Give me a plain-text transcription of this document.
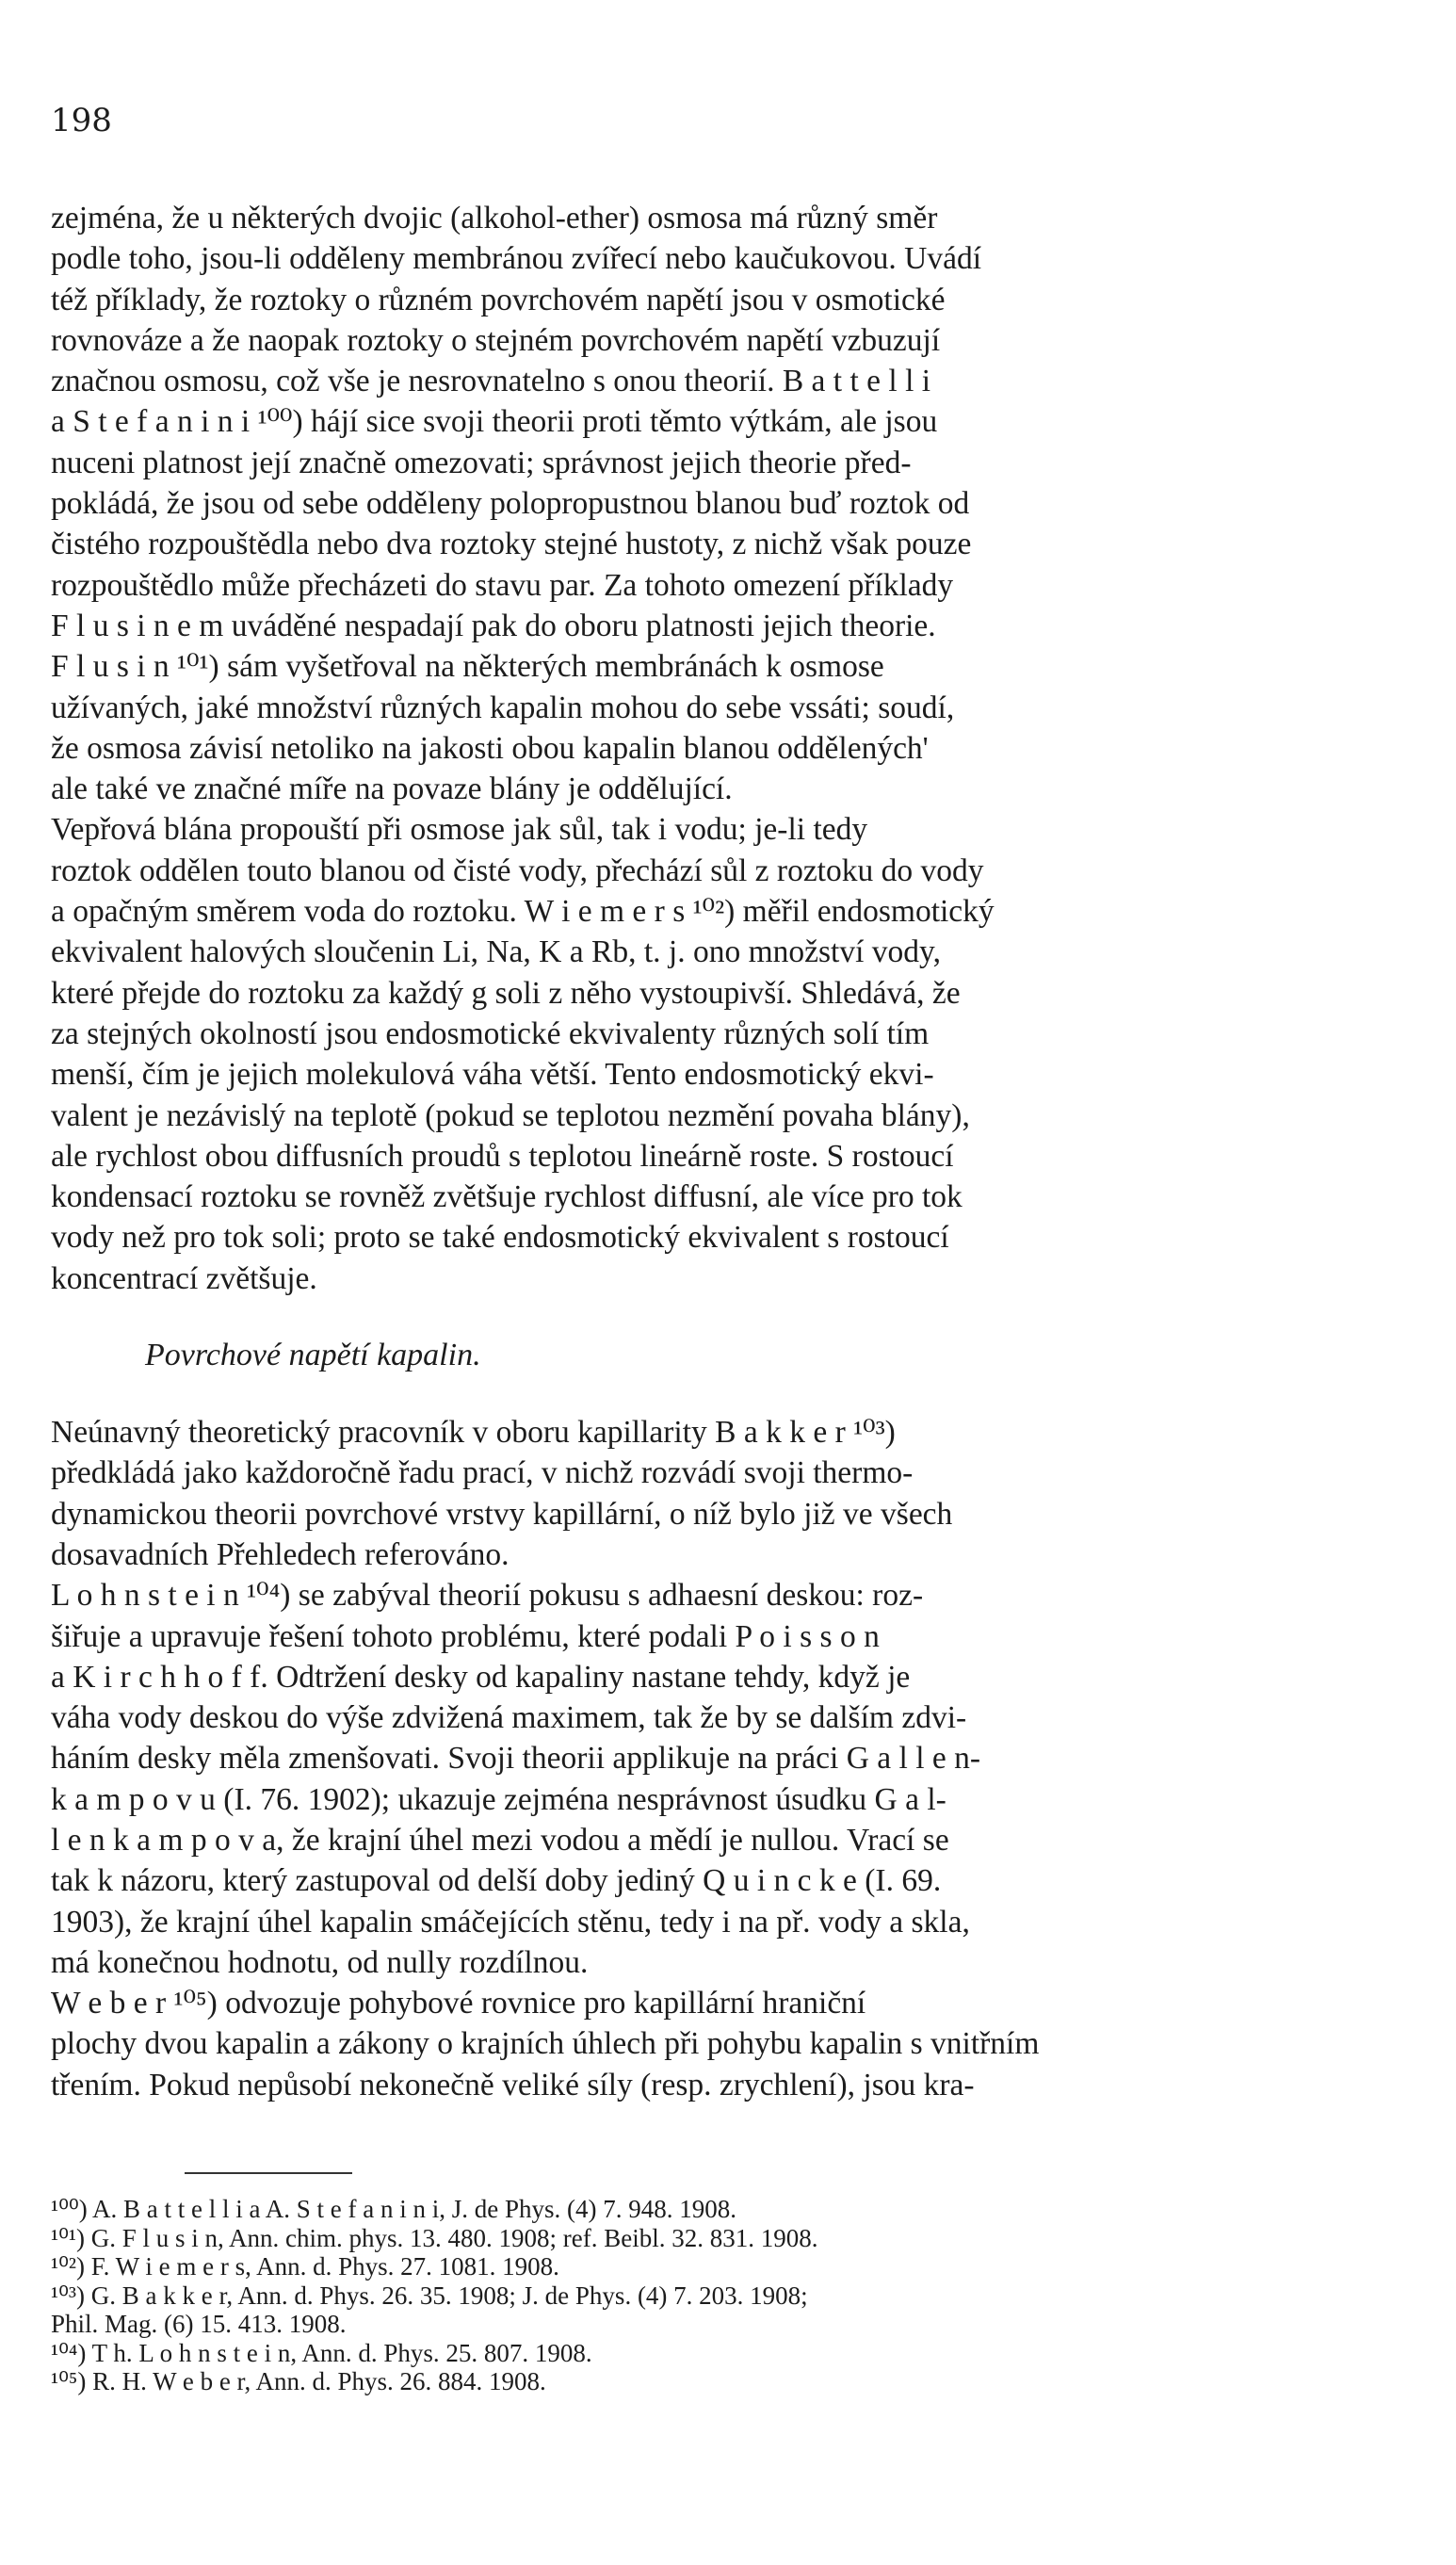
198
zejména, že u některých dvojic (alkohol-ether) osmosa má různý směr
podle toho, jsou-li odděleny membránou zvířecí nebo kaučukovou. Uvádí
též příklady, že roztoky o různém povrchovém napětí jsou v osmotické
rovnováze a že naopak roztoky o stejném povrchovém napětí vzbuzují
značnou osmosu, což vše je nesrovnatelno s onou theorií. B a t t e l l i
a S t e f a n i n i ¹⁰⁰) hájí sice svoji theorii proti těmto výtkám, ale jsou
nuceni platnost její značně omezovati; správnost jejich theorie před-
pokládá, že jsou od sebe odděleny polopropustnou blanou buď roztok od
čistého rozpouštědla nebo dva roztoky stejné hustoty, z nichž však pouze
rozpouštědlo může přecházeti do stavu par. Za tohoto omezení příklady
F l u s i n e m uváděné nespadají pak do oboru platnosti jejich theorie.
F l u s i n ¹⁰¹) sám vyšetřoval na některých membránách k osmose
užívaných, jaké množství různých kapalin mohou do sebe vssáti; soudí,
že osmosa závisí netoliko na jakosti obou kapalin blanou oddělených'
ale také ve značné míře na povaze blány je oddělující.
Vepřová blána propouští při osmose jak sůl, tak i vodu; je-li tedy
roztok oddělen touto blanou od čisté vody, přechází sůl z roztoku do vody
a opačným směrem voda do roztoku. W i e m e r s ¹⁰²) měřil endosmotický
ekvivalent halových sloučenin Li, Na, K a Rb, t. j. ono množství vody,
které přejde do roztoku za každý g soli z něho vystoupivší. Shledává, že
za stejných okolností jsou endosmotické ekvivalenty různých solí tím
menší, čím je jejich molekulová váha větší. Tento endosmotický ekvi-
valent je nezávislý na teplotě (pokud se teplotou nezmění povaha blány),
ale rychlost obou diffusních proudů s teplotou lineárně roste. S rostoucí
kondensací roztoku se rovněž zvětšuje rychlost diffusní, ale více pro tok
vody než pro tok soli; proto se také endosmotický ekvivalent s rostoucí
koncentrací zvětšuje.
Povrchové napětí kapalin.
Neúnavný theoretický pracovník v oboru kapillarity B a k k e r ¹⁰³)
předkládá jako každoročně řadu prací, v nichž rozvádí svoji thermo-
dynamickou theorii povrchové vrstvy kapillární, o níž bylo již ve všech
dosavadních Přehledech referováno.
L o h n s t e i n ¹⁰⁴) se zabýval theorií pokusu s adhaesní deskou: roz-
šiřuje a upravuje řešení tohoto problému, které podali P o i s s o n
a K i r c h h o f f. Odtržení desky od kapaliny nastane tehdy, když je
váha vody deskou do výše zdvižená maximem, tak že by se dalším zdvi-
háním desky měla zmenšovati. Svoji theorii applikuje na práci G a l l e n-
k a m p o v u (I. 76. 1902); ukazuje zejména nesprávnost úsudku G a l-
l e n k a m p o v a, že krajní úhel mezi vodou a mědí je nullou. Vrací se
tak k názoru, který zastupoval od delší doby jediný Q u i n c k e (I. 69.
1903), že krajní úhel kapalin smáčejících stěnu, tedy i na př. vody a skla,
má konečnou hodnotu, od nully rozdílnou.
W e b e r ¹⁰⁵) odvozuje pohybové rovnice pro kapillární hraniční
plochy dvou kapalin a zákony o krajních úhlech při pohybu kapalin s vnitřním
třením. Pokud nepůsobí nekonečně veliké síly (resp. zrychlení), jsou kra-
¹⁰⁰) A. B a t t e l l i a A. S t e f a n i n i, J. de Phys. (4) 7. 948. 1908.
¹⁰¹) G. F l u s i n, Ann. chim. phys. 13. 480. 1908; ref. Beibl. 32. 831. 1908.
¹⁰²) F. W i e m e r s, Ann. d. Phys. 27. 1081. 1908.
¹⁰³) G. B a k k e r, Ann. d. Phys. 26. 35. 1908; J. de Phys. (4) 7. 203. 1908;
Phil. Mag. (6) 15. 413. 1908.
¹⁰⁴) T h. L o h n s t e i n, Ann. d. Phys. 25. 807. 1908.
¹⁰⁵) R. H. W e b e r, Ann. d. Phys. 26. 884. 1908.
